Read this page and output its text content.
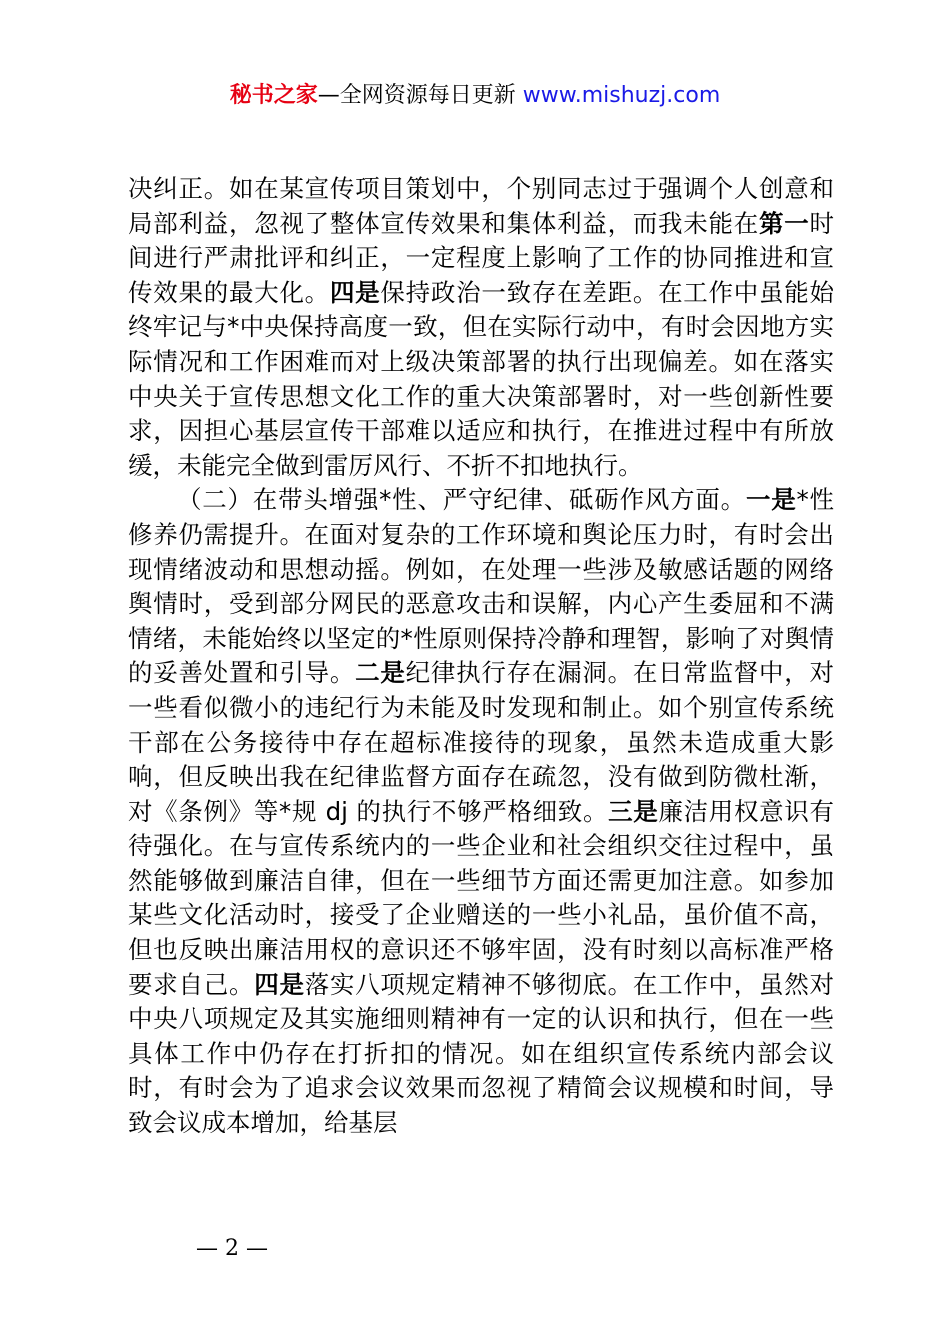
秘书之家—全网资源每日更新 www.mishuzj.com

决纠正。如在某宣传项目策划中，个别同志过于强调个人创意和局部利益，忽视了整体宣传效果和集体利益，而我未能在第一时间进行严肃批评和纠正，一定程度上影响了工作的协同推进和宣传效果的最大化。四是保持政治一致存在差距。在工作中虽能始终牢记与*中央保持高度一致，但在实际行动中，有时会因地方实际情况和工作困难而对上级决策部署的执行出现偏差。如在落实中央关于宣传思想文化工作的重大决策部署时，对一些创新性要求，因担心基层宣传干部难以适应和执行，在推进过程中有所放缓，未能完全做到雷厉风行、不折不扣地执行。

（二）在带头增强*性、严守纪律、砥砺作风方面。一是*性修养仍需提升。在面对复杂的工作环境和舆论压力时，有时会出现情绪波动和思想动摇。例如，在处理一些涉及敏感话题的网络舆情时，受到部分网民的恶意攻击和误解，内心产生委屈和不满情绪，未能始终以坚定的*性原则保持冷静和理智，影响了对舆情的妥善处置和引导。二是纪律执行存在漏洞。在日常监督中，对一些看似微小的违纪行为未能及时发现和制止。如个别宣传系统干部在公务接待中存在超标准接待的现象，虽然未造成重大影响，但反映出我在纪律监督方面存在疏忽，没有做到防微杜渐，对《条例》等*规 dj 的执行不够严格细致。三是廉洁用权意识有待强化。在与宣传系统内的一些企业和社会组织交往过程中，虽然能够做到廉洁自律，但在一些细节方面还需更加注意。如参加某些文化活动时，接受了企业赠送的一些小礼品，虽价值不高，但也反映出廉洁用权的意识还不够牢固，没有时刻以高标准严格要求自己。四是落实八项规定精神不够彻底。在工作中，虽然对中央八项规定及其实施细则精神有一定的认识和执行，但在一些具体工作中仍存在打折扣的情况。如在组织宣传系统内部会议时，有时会为了追求会议效果而忽视了精简会议规模和时间，导致会议成本增加，给基层

— 2 —
